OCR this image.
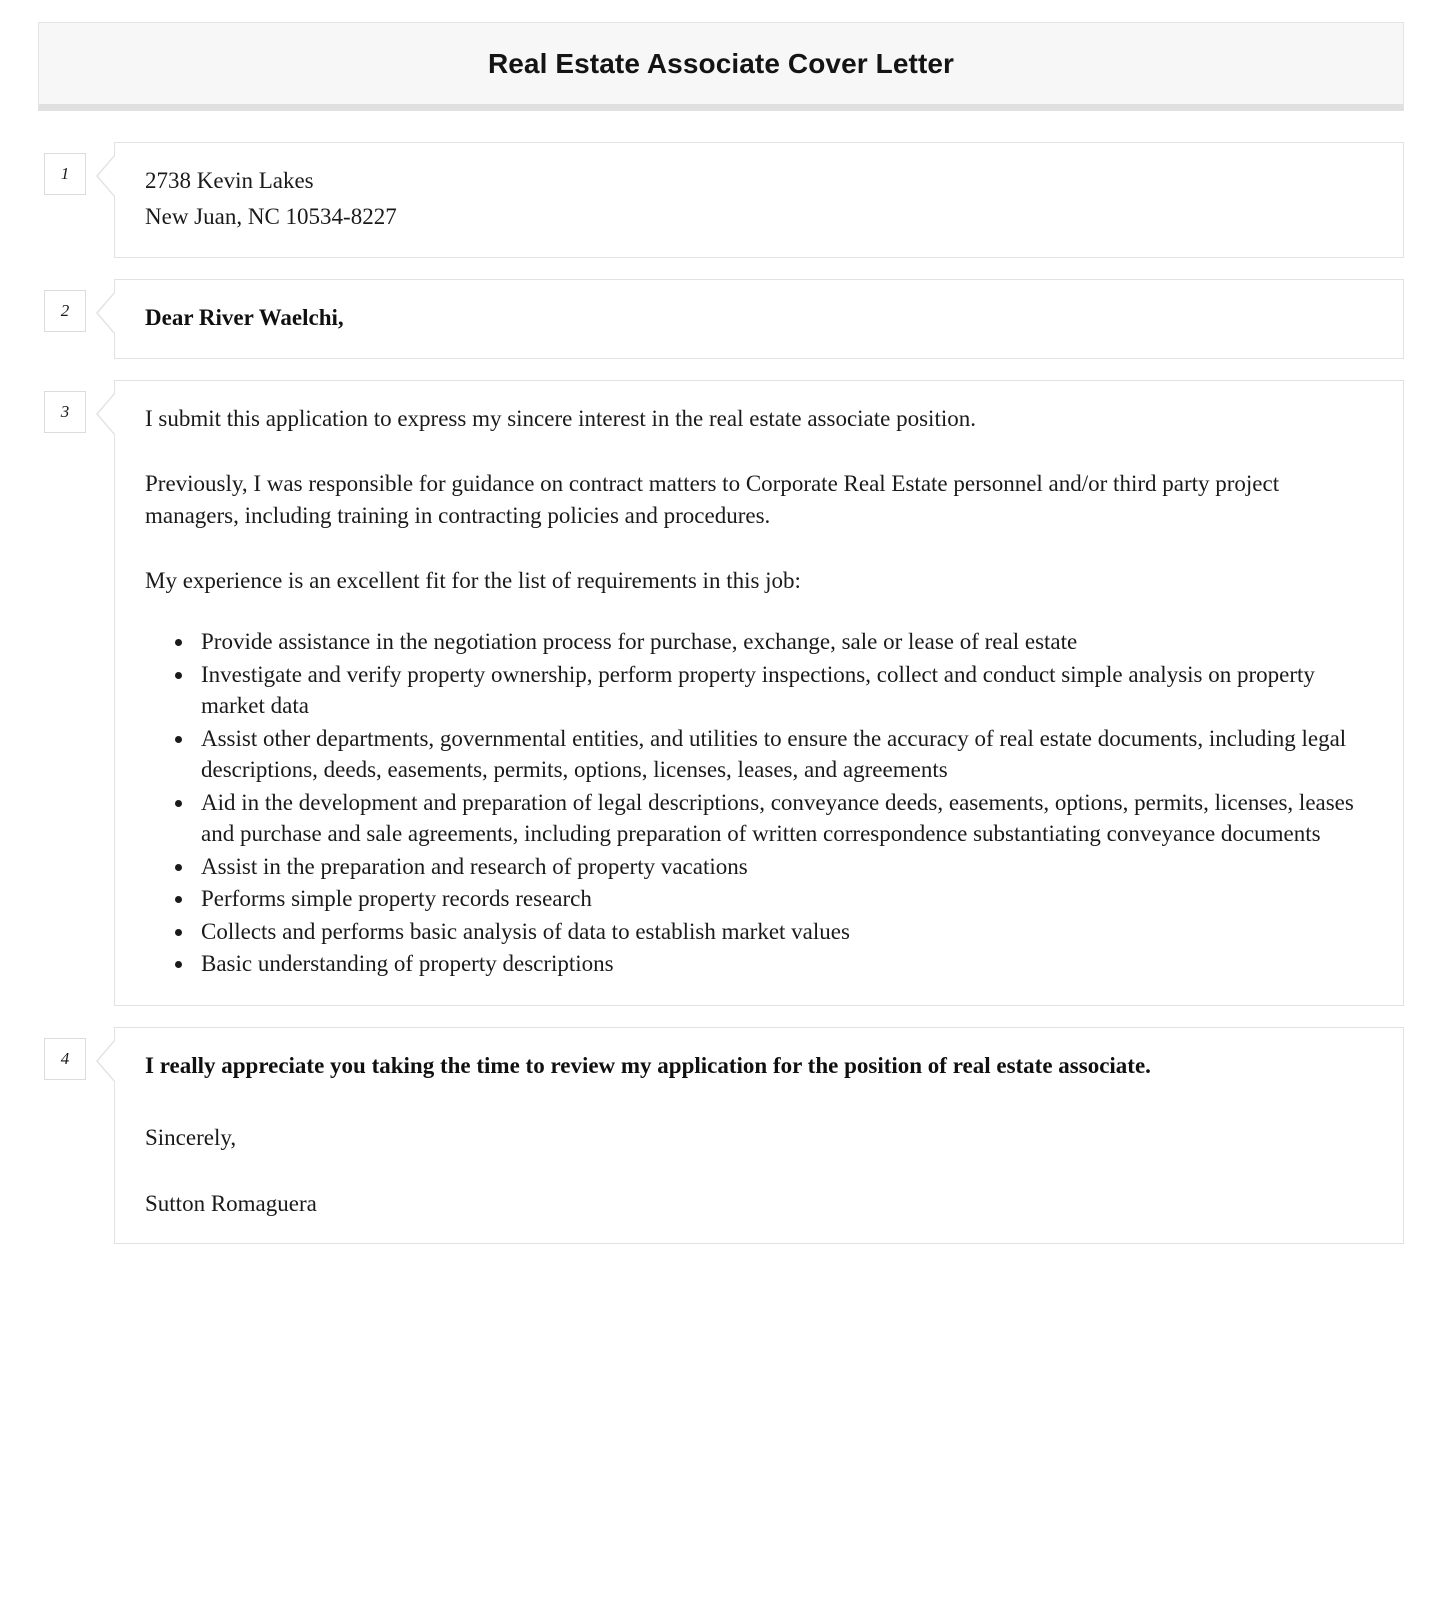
Real Estate Associate Cover Letter
1	2738 Kevin Lakes

New Juan, NC 10534-8227

2	Dear River Waelchi,

3	I submit this application to express my sincere interest in the real estate associate position.

Previously, I was responsible for guidance on contract matters to Corporate Real Estate personnel and/or third party project managers, including training in contracting policies and procedures.

My experience is an excellent fit for the list of requirements in this job:

• Provide assistance in the negotiation process for purchase, exchange, sale or lease of real estate
• Investigate and verify property ownership, perform property inspections, collect and conduct simple analysis on property market data
• Assist other departments, governmental entities, and utilities to ensure the accuracy of real estate documents, including legal descriptions, deeds, easements, permits, options, licenses, leases, and agreements
• Aid in the development and preparation of legal descriptions, conveyance deeds, easements, options, permits, licenses, leases and purchase and sale agreements, including preparation of written correspondence substantiating conveyance documents
• Assist in the preparation and research of property vacations
• Performs simple property records research
• Collects and performs basic analysis of data to establish market values
• Basic understanding of property descriptions
4	I really appreciate you taking the time to review my application for the position of real estate associate.

Sincerely,

Sutton Romaguera
